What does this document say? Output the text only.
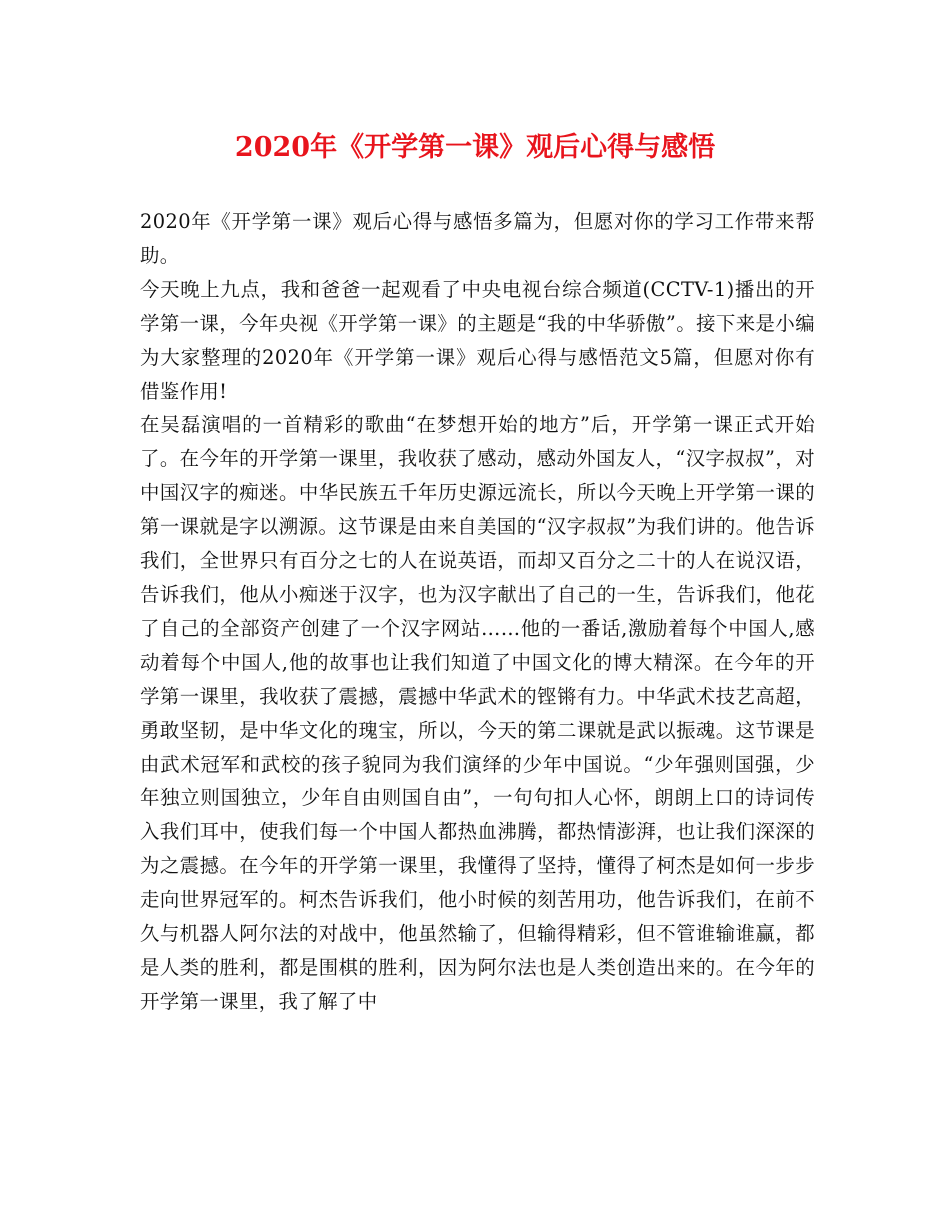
2020年《开学第一课》观后心得与感悟

2020年《开学第一课》观后心得与感悟多篇为，但愿对你的学习工作带来帮助。

今天晚上九点，我和爸爸一起观看了中央电视台综合频道(CCTV-1)播出的开学第一课，今年央视《开学第一课》的主题是“我的中华骄傲”。接下来是小编为大家整理的2020年《开学第一课》观后心得与感悟范文5篇，但愿对你有借鉴作用!

在吴磊演唱的一首精彩的歌曲“在梦想开始的地方”后，开学第一课正式开始了。在今年的开学第一课里，我收获了感动，感动外国友人，“汉字叔叔”，对中国汉字的痴迷。中华民族五千年历史源远流长，所以今天晚上开学第一课的第一课就是字以溯源。这节课是由来自美国的“汉字叔叔”为我们讲的。他告诉我们，全世界只有百分之七的人在说英语，而却又百分之二十的人在说汉语，告诉我们，他从小痴迷于汉字，也为汉字献出了自己的一生，告诉我们，他花了自己的全部资产创建了一个汉字网站……他的一番话,激励着每个中国人,感动着每个中国人,他的故事也让我们知道了中国文化的博大精深。在今年的开学第一课里，我收获了震撼，震撼中华武术的铿锵有力。中华武术技艺高超，勇敢坚韧，是中华文化的瑰宝，所以，今天的第二课就是武以振魂。这节课是由武术冠军和武校的孩子貌同为我们演绎的少年中国说。“少年强则国强，少年独立则国独立，少年自由则国自由”，一句句扣人心怀，朗朗上口的诗词传入我们耳中，使我们每一个中国人都热血沸腾，都热情澎湃，也让我们深深的为之震撼。在今年的开学第一课里，我懂得了坚持，懂得了柯杰是如何一步步走向世界冠军的。柯杰告诉我们，他小时候的刻苦用功，他告诉我们，在前不久与机器人阿尔法的对战中，他虽然输了，但输得精彩，但不管谁输谁赢，都是人类的胜利，都是围棋的胜利，因为阿尔法也是人类创造出来的。在今年的开学第一课里，我了解了中
